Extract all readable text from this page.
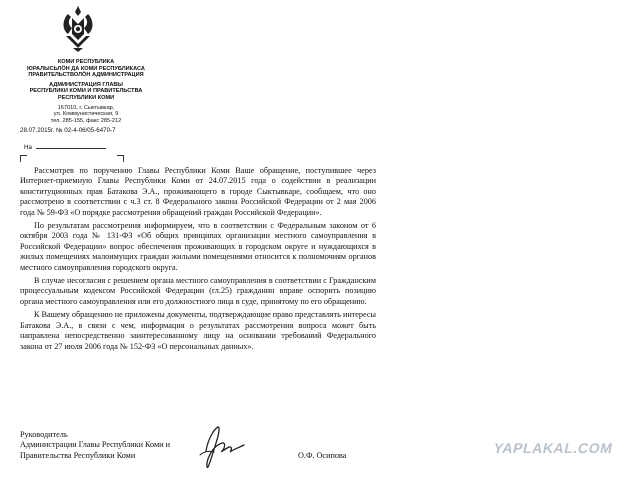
КОМИ РЕСПУБЛИКА
ЮРАЛЫСЬЛÖН ДА КОМИ РЕСПУБЛИКАСА
ПРАВИТЕЛЬСТВОЛÖН АДМИНИСТРАЦИЯ
АДМИНИСТРАЦИЯ ГЛАВЫ
РЕСПУБЛИКИ КОМИ И ПРАВИТЕЛЬСТВА
РЕСПУБЛИКИ КОМИ
167010, г. Сыктывкар,
ул. Коммунистическая, 9
тел. 285-155, факс 285-212
28.07.2015г. № 02-4-06/05-6470-7
На

Рассмотрев по поручению Главы Республики Коми Ваше обращение, поступившее через Интернет-приемную Главы Республики Коми от 24.07.2015 года о содействии в реализации конституционных прав Батакова Э.А., проживающего в городе Сыктывкаре, сообщаем, что оно рассмотрено в соответствии с ч.3 ст. 8 Федерального закона Российской Федерации от 2 мая 2006 года № 59-ФЗ «О порядке рассмотрения обращений граждан Российской Федерации».

По результатам рассмотрения информируем, что в соответствии с Федеральным законом от 6 октября 2003 года № 131-ФЗ «Об общих принципах организации местного самоуправления в Российской Федерации» вопрос обеспечения проживающих в городском округе и нуждающихся в жилых помещениях малоимущих граждан жилыми помещениями относится к полномочиям органов местного самоуправления городского округа.

В случае несогласия с решением органа местного самоуправления в соответствии с Гражданским процессуальным кодексом Российской Федерации (гл.25) гражданин вправе оспорить позицию органа местного самоуправления или его должностного лица в суде, принятому по его обращению.

К Вашему обращению не приложены документы, подтверждающие право представлять интересы Батакова Э.А., в связи с чем, информация о результатах рассмотрения вопроса может быть направлена непосредственно заинтересованному лицу на основании требований Федерального закона от 27 июля 2006 года № 152-ФЗ «О персональных данных».

Руководитель
Администрации Главы Республики Коми и
Правительства Республики Коми	О.Ф. Осипова	YAPLAKAL.COM
